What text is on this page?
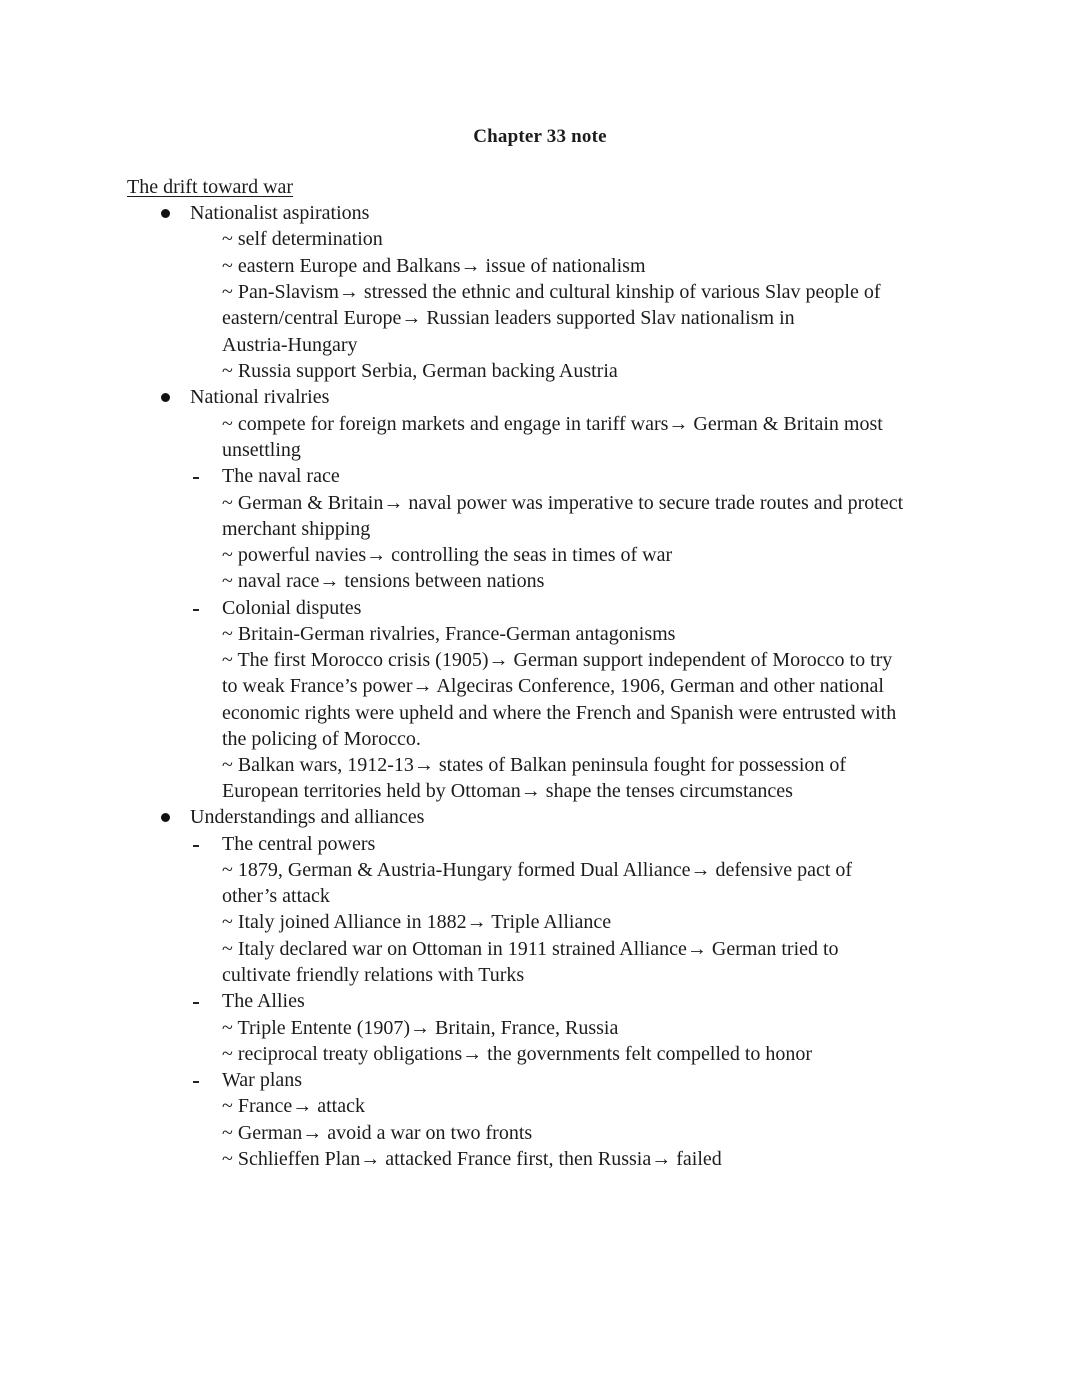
Chapter 33 note
The drift toward war
Nationalist aspirations
~ self determination
~ eastern Europe and Balkans→ issue of nationalism
~ Pan-Slavism→ stressed the ethnic and cultural kinship of various Slav people of
eastern/central Europe→ Russian leaders supported Slav nationalism in
Austria-Hungary
~ Russia support Serbia, German backing Austria
National rivalries
~ compete for foreign markets and engage in tariff wars→ German & Britain most
unsettling
The naval race
~ German & Britain→ naval power was imperative to secure trade routes and protect
merchant shipping
~ powerful navies→ controlling the seas in times of war
~ naval race→ tensions between nations
Colonial disputes
~ Britain-German rivalries, France-German antagonisms
~ The first Morocco crisis (1905)→ German support independent of Morocco to try
to weak France’s power→ Algeciras Conference, 1906, German and other national
economic rights were upheld and where the French and Spanish were entrusted with
the policing of Morocco.
~ Balkan wars, 1912-13→ states of Balkan peninsula fought for possession of
European territories held by Ottoman→ shape the tenses circumstances
Understandings and alliances
The central powers
~ 1879, German & Austria-Hungary formed Dual Alliance→ defensive pact of
other’s attack
~ Italy joined Alliance in 1882→ Triple Alliance
~ Italy declared war on Ottoman in 1911 strained Alliance→ German tried to
cultivate friendly relations with Turks
The Allies
~ Triple Entente (1907)→ Britain, France, Russia
~ reciprocal treaty obligations→ the governments felt compelled to honor
War plans
~ France→ attack
~ German→ avoid a war on two fronts
~ Schlieffen Plan→ attacked France first, then Russia→ failed
